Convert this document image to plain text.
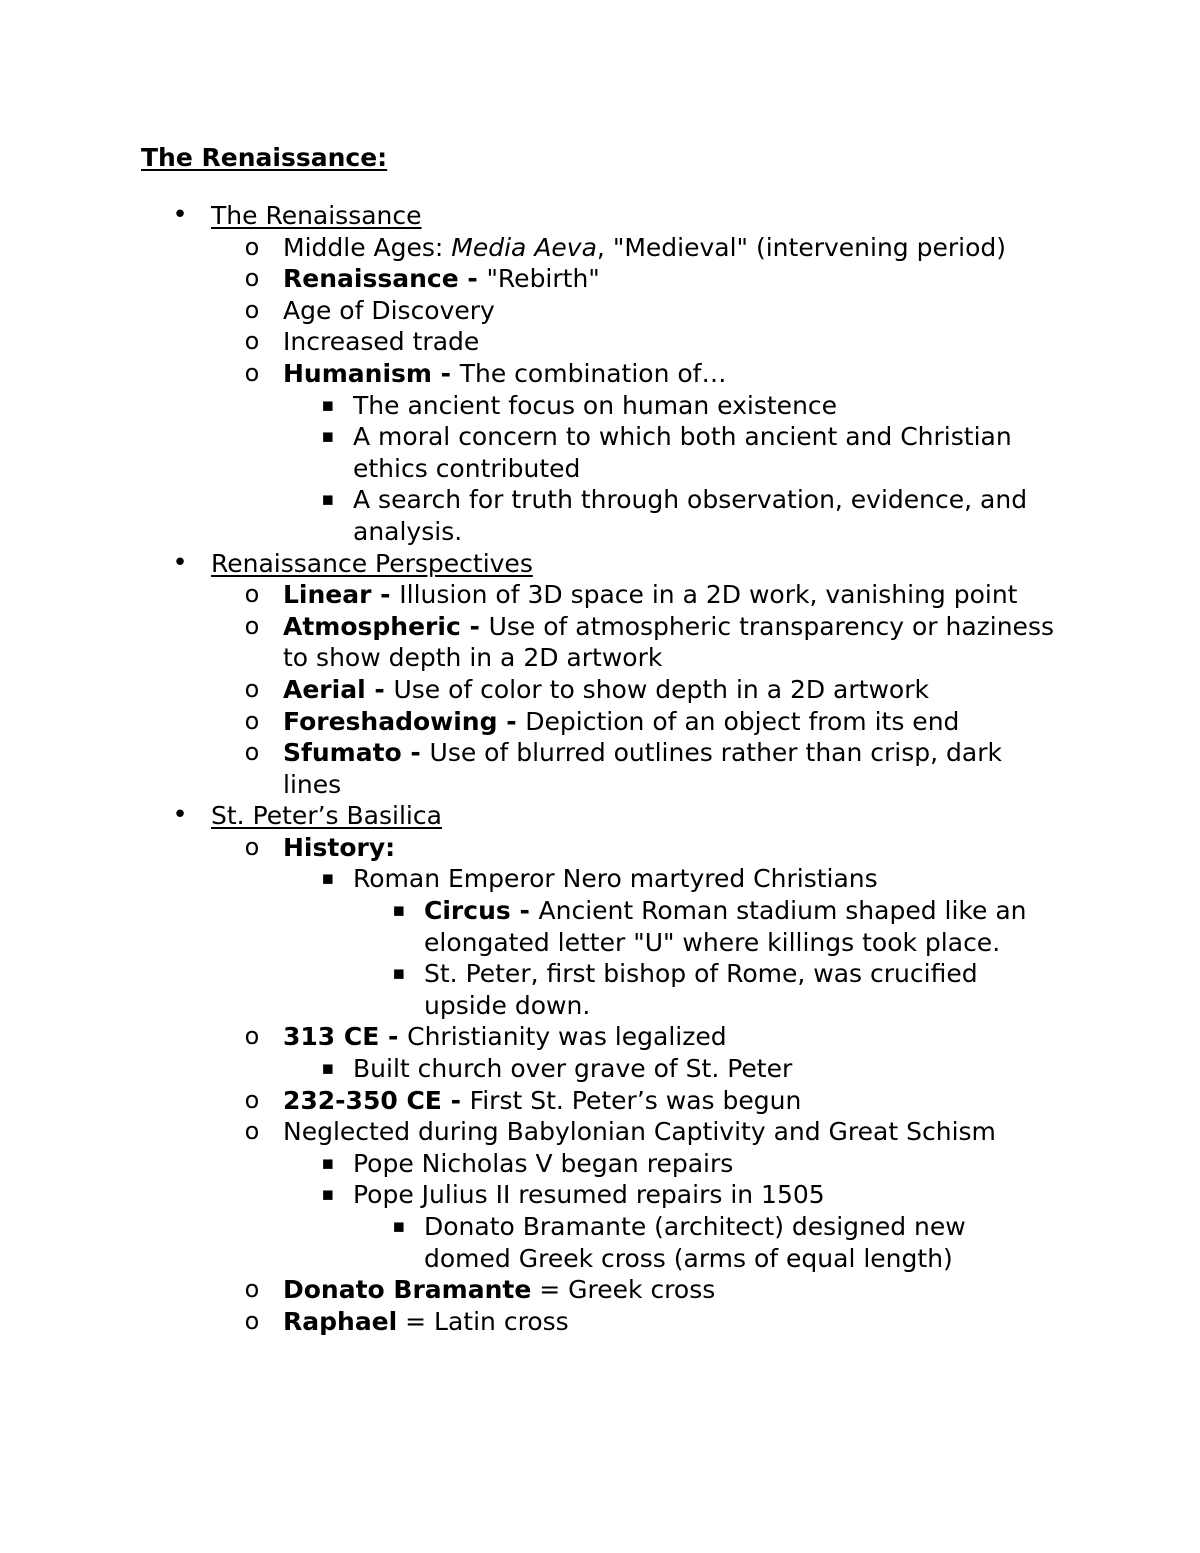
The Renaissance:
• The Renaissance
o Middle Ages: Media Aeva, "Medieval" (intervening period)
o Renaissance - "Rebirth"
o Age of Discovery
o Increased trade
o Humanism - The combination of…
▪ The ancient focus on human existence
▪ A moral concern to which both ancient and Christian ethics contributed
▪ A search for truth through observation, evidence, and analysis.
• Renaissance Perspectives
o Linear - Illusion of 3D space in a 2D work, vanishing point
o Atmospheric - Use of atmospheric transparency or haziness to show depth in a 2D artwork
o Aerial - Use of color to show depth in a 2D artwork
o Foreshadowing - Depiction of an object from its end
o Sfumato - Use of blurred outlines rather than crisp, dark lines
• St. Peter’s Basilica
o History:
▪ Roman Emperor Nero martyred Christians
▪ Circus - Ancient Roman stadium shaped like an elongated letter "U" where killings took place.
▪ St. Peter, first bishop of Rome, was crucified upside down.
o 313 CE - Christianity was legalized
▪ Built church over grave of St. Peter
o 232-350 CE - First St. Peter’s was begun
o Neglected during Babylonian Captivity and Great Schism
▪ Pope Nicholas V began repairs
▪ Pope Julius II resumed repairs in 1505
▪ Donato Bramante (architect) designed new domed Greek cross (arms of equal length)
o Donato Bramante = Greek cross
o Raphael = Latin cross
